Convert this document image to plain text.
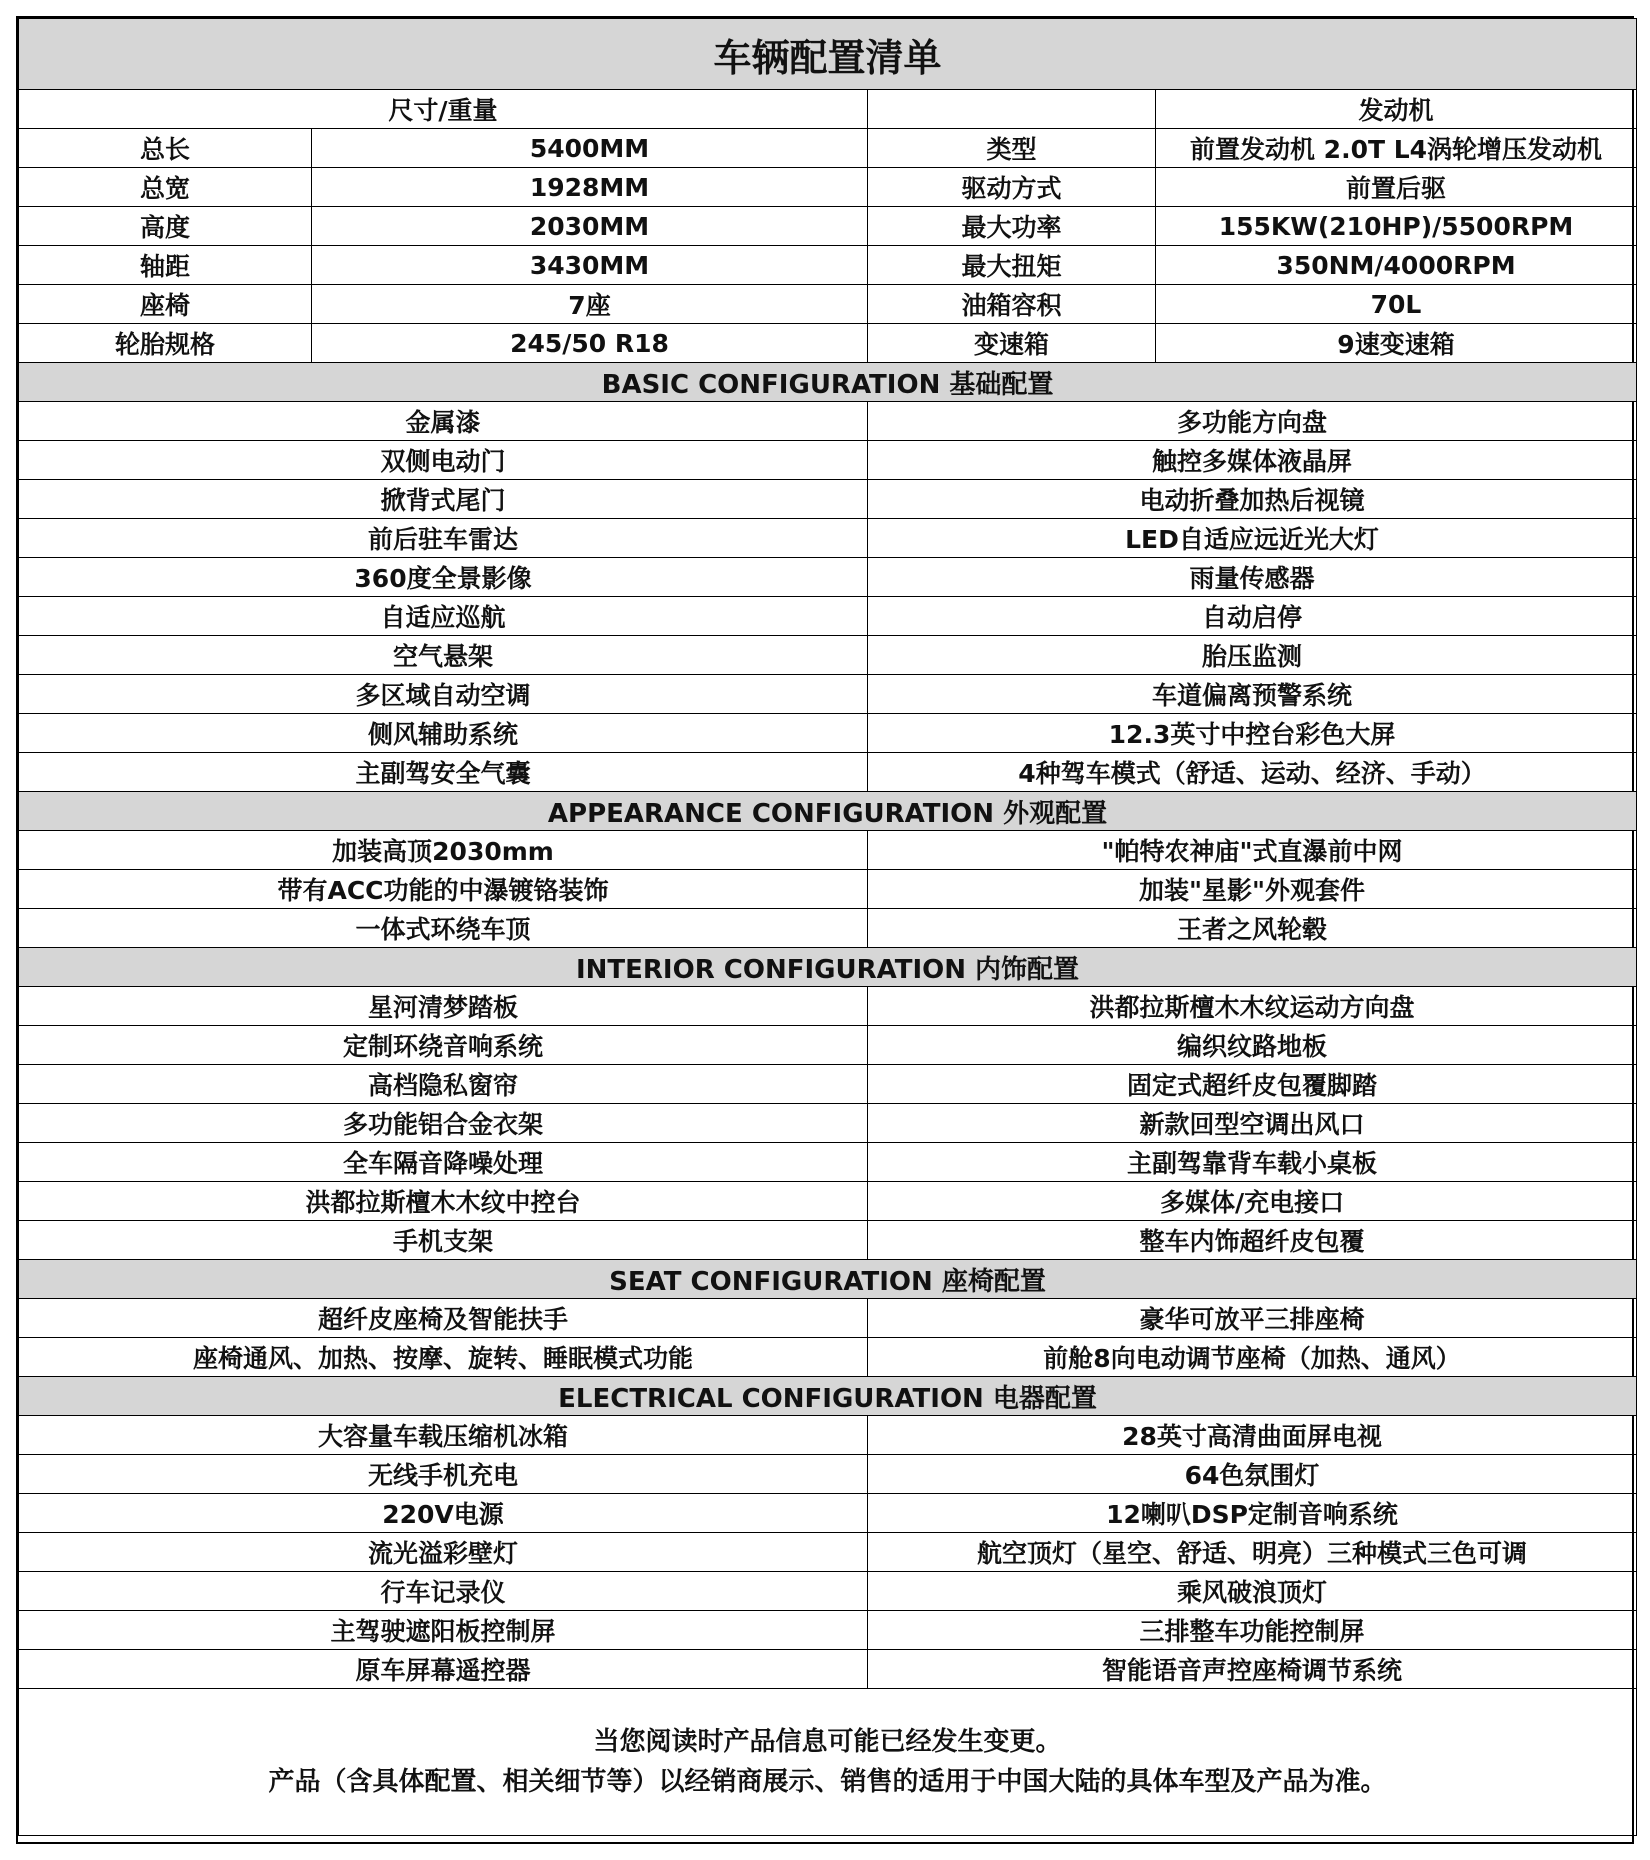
车辆配置清单			
尺寸/重量			发动机
总长	5400MM	类型	前置发动机 2.0T L4涡轮增压发动机
总宽	1928MM	驱动方式	前置后驱
高度	2030MM	最大功率	155KW(210HP)/5500RPM
轴距	3430MM	最大扭矩	350NM/4000RPM
座椅	7座	油箱容积	70L
轮胎规格	245/50 R18	变速箱	9速变速箱
BASIC CONFIGURATION 基础配置			
金属漆		多功能方向盘	
双侧电动门		触控多媒体液晶屏	
掀背式尾门		电动折叠加热后视镜	
前后驻车雷达		LED自适应远近光大灯	
360度全景影像		雨量传感器	
自适应巡航		自动启停	
空气悬架		胎压监测	
多区域自动空调		车道偏离预警系统	
侧风辅助系统		12.3英寸中控台彩色大屏	
主副驾安全气囊		4种驾车模式（舒适、运动、经济、手动）	
APPEARANCE CONFIGURATION 外观配置			
加装高顶2030mm		"帕特农神庙"式直瀑前中网	
带有ACC功能的中瀑镀铬装饰		加装"星影"外观套件	
一体式环绕车顶		王者之风轮毂	
INTERIOR CONFIGURATION 内饰配置			
星河清梦踏板		洪都拉斯檀木木纹运动方向盘	
定制环绕音响系统		编织纹路地板	
高档隐私窗帘		固定式超纤皮包覆脚踏	
多功能铝合金衣架		新款回型空调出风口	
全车隔音降噪处理		主副驾靠背车载小桌板	
洪都拉斯檀木木纹中控台		多媒体/充电接口	
手机支架		整车内饰超纤皮包覆	
SEAT CONFIGURATION 座椅配置			
超纤皮座椅及智能扶手		豪华可放平三排座椅	
座椅通风、加热、按摩、旋转、睡眠模式功能		前舱8向电动调节座椅（加热、通风）	
ELECTRICAL CONFIGURATION 电器配置			
大容量车载压缩机冰箱		28英寸高清曲面屏电视	
无线手机充电		64色氛围灯	
220V电源		12喇叭DSP定制音响系统	
流光溢彩壁灯		航空顶灯（星空、舒适、明亮）三种模式三色可调	
行车记录仪		乘风破浪顶灯	
主驾驶遮阳板控制屏		三排整车功能控制屏	
原车屏幕遥控器		智能语音声控座椅调节系统	

当您阅读时产品信息可能已经发生变更。
产品（含具体配置、相关细节等）以经销商展示、销售的适用于中国大陆的具体车型及产品为准。			
